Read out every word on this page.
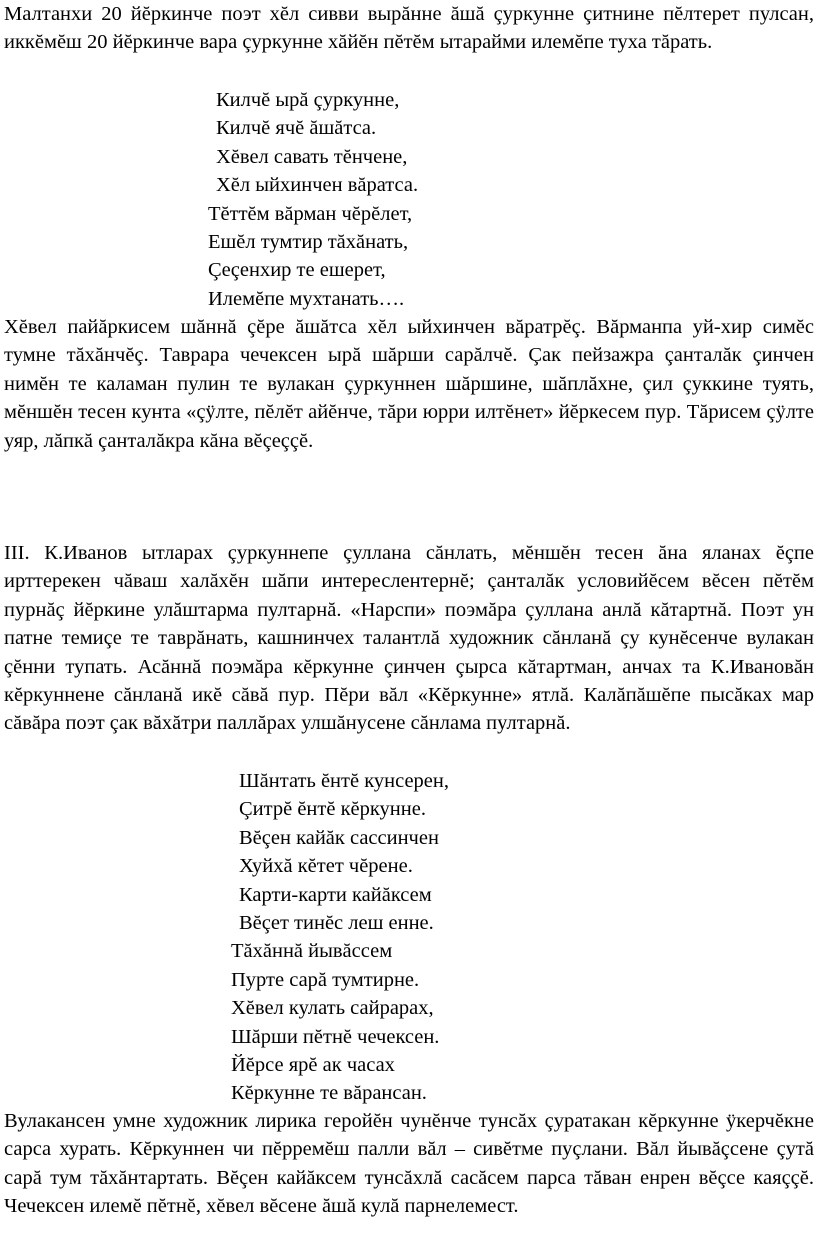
Малтанхи 20 йĕркинче поэт хĕл сивви вырăнне ăшă çуркунне çитнине пĕлтерет пулсан, иккĕмĕш 20 йĕркинче вара çуркунне хăйĕн пĕтĕм ытарайми илемĕпе туха тăрать.

Килчĕ ырă çуркунне,
Килчĕ ячĕ ăшăтса.
Хĕвел савать тĕнчене,
Хĕл ыйхинчен вăратса.
Тĕттĕм вăрман чĕрĕлет,
Ешĕл тумтир тăхăнать,
Çеçенхир те ешерет,
Илемĕпе мухтанать….

Хĕвел пайăркисем шăннă çĕре ăшăтса хĕл ыйхинчен вăратрĕç. Вăрманпа уй-хир симĕс тумне тăхăнчĕç. Таврара чечексен ырă шăрши сарăлчĕ. Çак пейзажра çанталăк çинчен нимĕн те каламан пулин те вулакан çуркуннен шăршине, шăплăхне, çил çуккине туять, мĕншĕн тесен кунта «çÿлте, пĕлĕт айĕнче, тăри юрри илтĕнет» йĕркесем пур. Тăрисем çÿлте уяр, лăпкă çанталăкра кăна вĕçеççĕ.

III. К.Иванов ытларах çуркуннепе çуллана сăнлать, мĕншĕн тесен ăна яланах ĕçпе ирттерекен чăваш халăхĕн шăпи интереслентернĕ; çанталăк условийĕсем вĕсен пĕтĕм пурнăç йĕркине улăштарма пултарнă. «Нарспи» поэмăра çуллана анлă кăтартнă. Поэт ун патне темиçе те таврăнать, кашнинчех талантлă художник сăнланă çу кунĕсенче вулакан çĕнни тупать. Асăннă поэмăра кĕркунне çинчен çырса кăтартман, анчах та К.Ивановăн кĕркуннене сăнланă икĕ сăвă пур. Пĕри вăл «Кĕркунне» ятлă. Калăпăшĕпе пысăках мар сăвăра поэт çак вăхăтри паллăрах улшăнусене сăнлама пултарнă.

Шăнтать ĕнтĕ кунсерен,
Çитрĕ ĕнтĕ кĕркунне.
Вĕçен кайăк сассинчен
Хуйхă кĕтет чĕрене.
Карти-карти кайăксем
Вĕçет тинĕс леш енне.
Тăхăннă йывăссем
Пурте сарă тумтирне.
Хĕвел кулать сайрарах,
Шăрши пĕтнĕ чечексен.
Йĕрсе ярĕ ак часах
Кĕркунне те вăрансан.

Вулакансен умне художник лирика геройĕн чунĕнче тунсăх çуратакан кĕркунне ÿкерчĕкне сарса хурать. Кĕркуннен чи пĕрремĕш палли вăл – сивĕтме пуçлани. Вăл йывăçсене çутă сарă тум тăхăнтартать. Вĕçен кайăксем тунсăхлă сасăсем парса тăван енрен вĕçсе каяççĕ. Чечексен илемĕ пĕтнĕ, хĕвел вĕсене ăшă кулă парнелемест.
